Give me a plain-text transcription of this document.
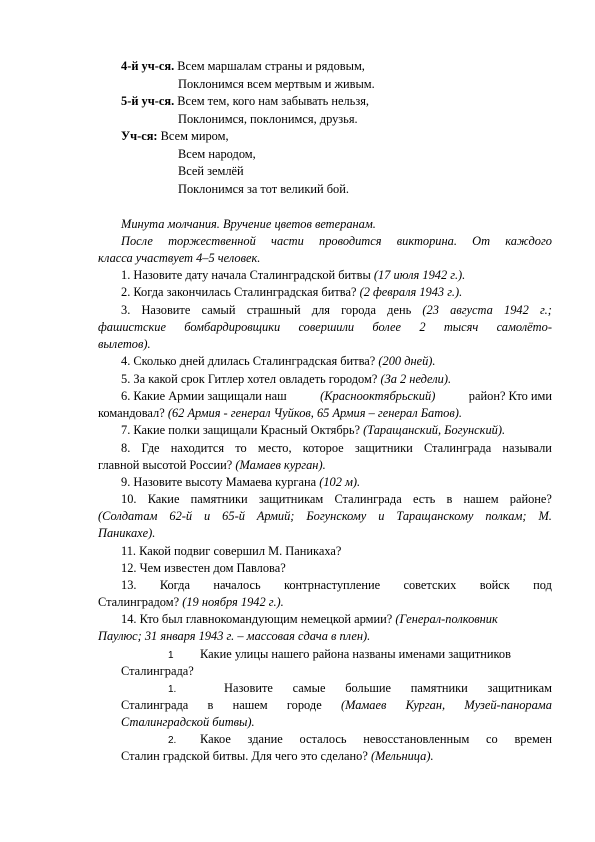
4-й уч-ся. Всем маршалам страны и рядовым,
Поклонимся всем мертвым и живым.
5-й уч-ся. Всем тем, кого нам забывать нельзя,
Поклонимся, поклонимся, друзья.
Уч-ся: Всем миром,
Всем народом,
Всей землёй
Поклонимся за тот великий бой.
Минута молчания. Вручение цветов ветеранам.
После торжественной части проводится викторина. От каждого
класса участвует 4–5 человек.
1. Назовите дату начала Сталинградской битвы (17 июля 1942 г.).
2. Когда закончилась Сталинградская битва? (2 февраля 1943 г.).
3. Назовите самый страшный для города день (23 августа 1942 г.;
фашистские бомбардировщики совершили более 2 тысяч самолёто-
вылетов).
4. Сколько дней длилась Сталинградская битва? (200 дней).
5. За какой срок Гитлер хотел овладеть городом? (За 2 недели).
6. Какие Армии защищали наш	(Краснооктябрьский)	район? Кто ими
командовал? (62 Армия - генерал Чуйков, 65 Армия – генерал Батов).
7. Какие полки защищали Красный Октябрь? (Таращанский, Богунский).
8. Где находится то место, которое защитники Сталинграда называли
главной высотой России? (Мамаев курган).
9. Назовите высоту Мамаева кургана (102 м).
10. Какие памятники защитникам Сталинграда есть в нашем районе?
(Солдатам 62-й и 65-й Армий; Богунскому и Таращанскому полкам; М.
Паникахе).
11. Какой подвиг совершил М. Паникаха?
12. Чем известен дом Павлова?
13. Когда началось контрнаступление советских войск под
Сталинградом? (19 ноября 1942 г.).
14. Кто был главнокомандующим немецкой армии? (Генерал-полковник
Паулюс; 31 января 1943 г. – массовая сдача в плен).
1 Какие улицы нашего района названы именами защитников
Сталинграда?
1.	Назовите самые большие памятники защитникам
Сталинграда в нашем городе (Мамаев Курган, Музей-панорама
Сталинградской битвы).
2. Какое здание осталось невосстановленным со времен
Сталин градской битвы. Для чего это сделано? (Мельница).
